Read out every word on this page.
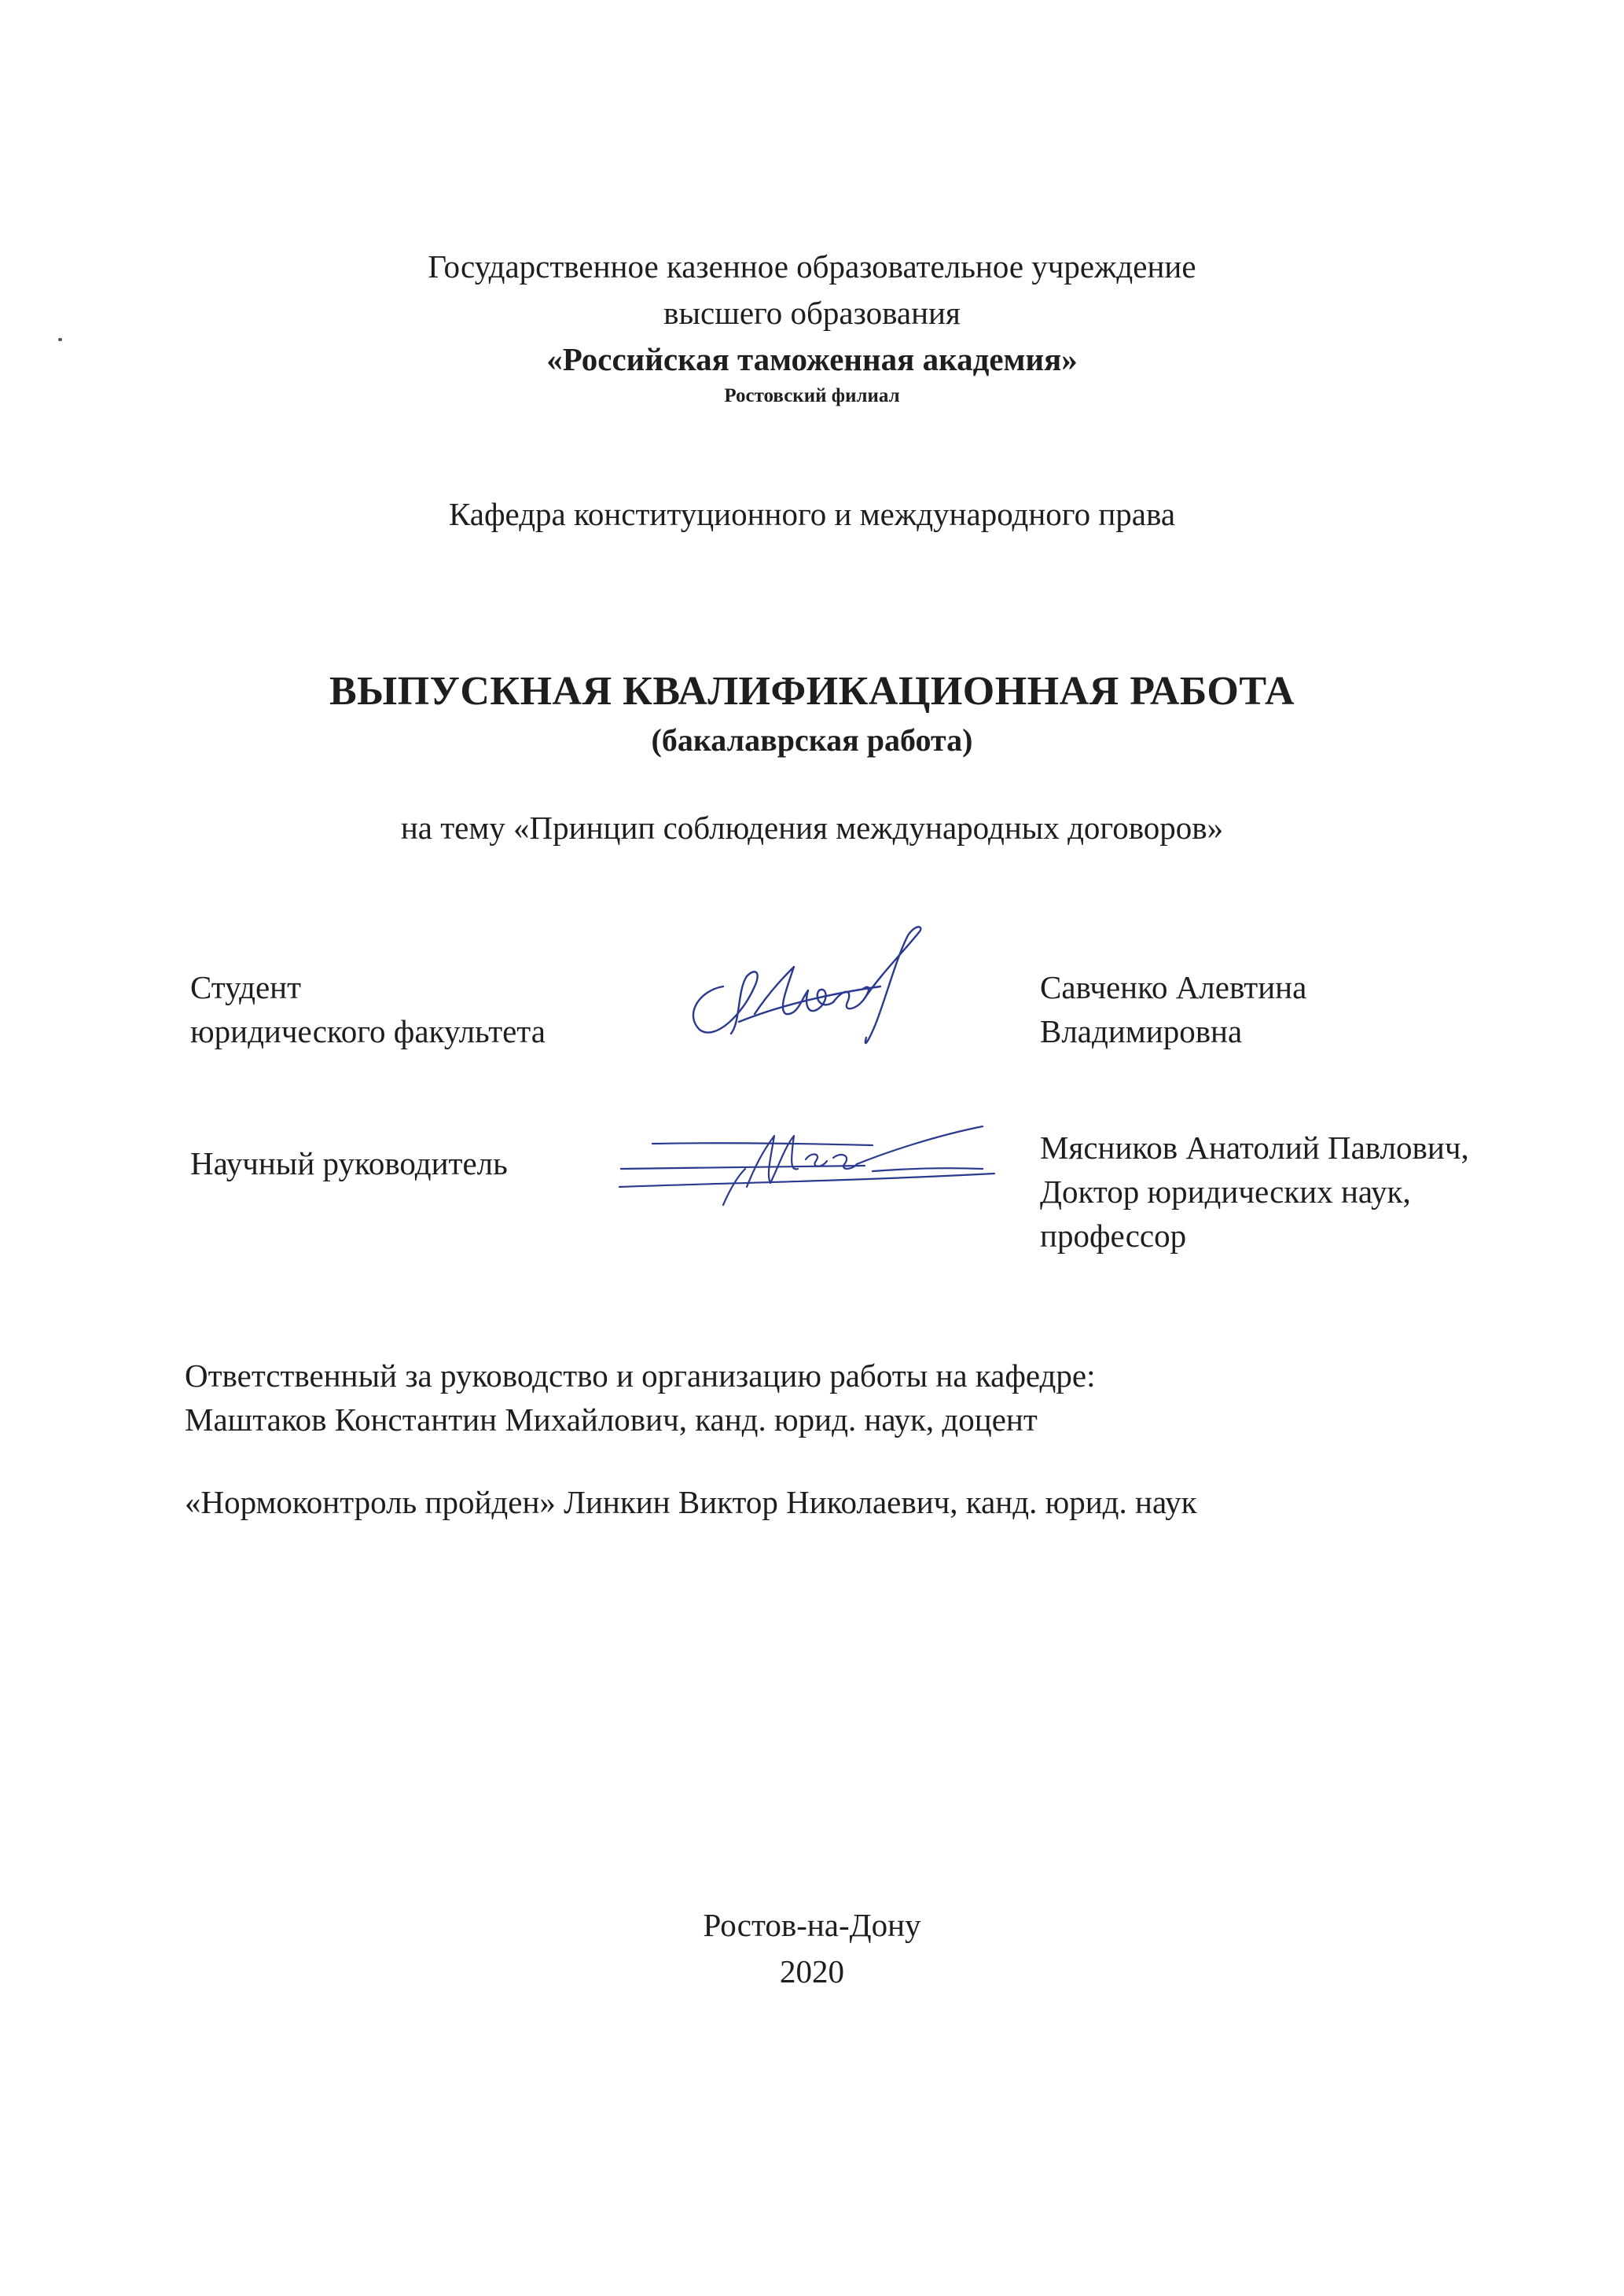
Государственное казенное образовательное учреждение
высшего образования
«Российская таможенная академия»
Ростовский филиал
Кафедра конституционного и международного права
ВЫПУСКНАЯ КВАЛИФИКАЦИОННАЯ РАБОТА
(бакалаврская работа)
на тему «Принцип соблюдения международных договоров»
Студент
юридического факультета
Савченко Алевтина
Владимировна
Научный руководитель	Мясников Анатолий Павлович,
Доктор юридических наук,
профессор
Ответственный за руководство и организацию работы на кафедре:
Маштаков Константин Михайлович, канд. юрид. наук, доцент
«Нормоконтроль пройден» Линкин Виктор Николаевич, канд. юрид. наук
Ростов-на-Дону
2020
